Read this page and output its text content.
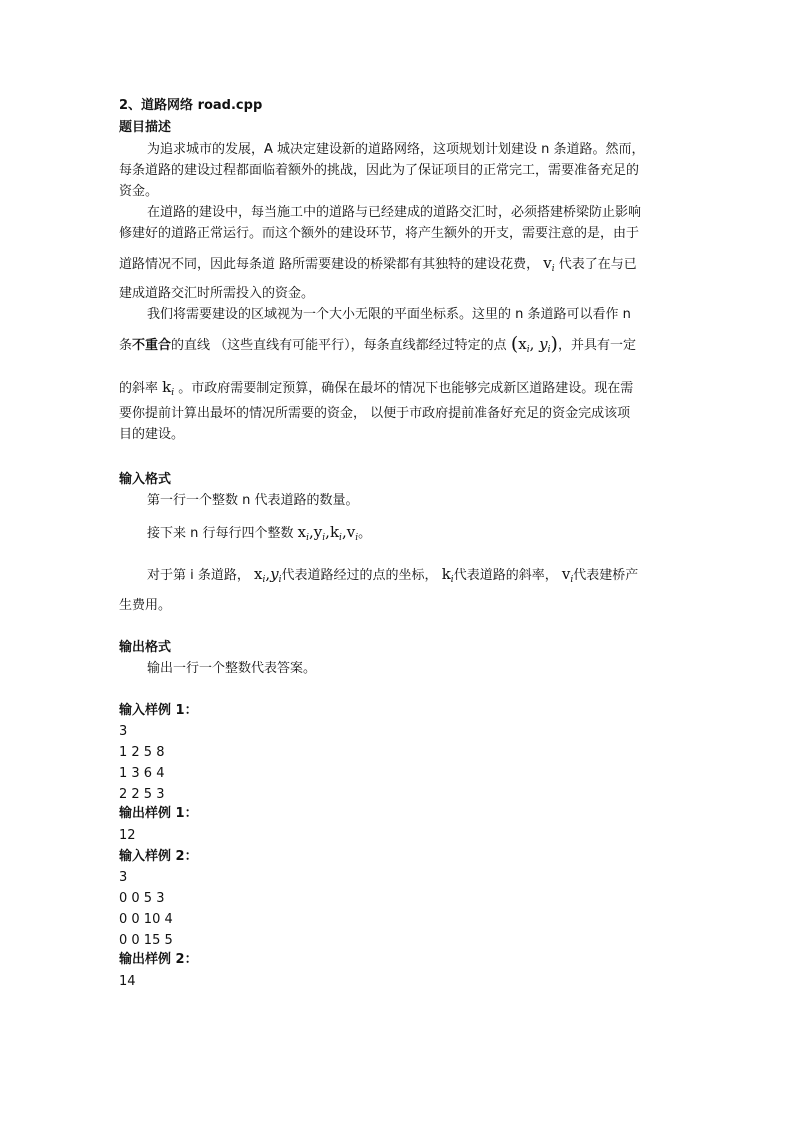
2、道路网络 road.cpp
题目描述
为追求城市的发展，A 城决定建设新的道路网络，这项规划计划建设 n 条道路。然而，
每条道路的建设过程都面临着额外的挑战，因此为了保证项目的正常完工，需要准备充足的
资金。
在道路的建设中，每当施工中的道路与已经建成的道路交汇时，必须搭建桥梁防止影响
修建好的道路正常运行。而这个额外的建设环节，将产生额外的开支，需要注意的是，由于
道路情况不同，因此每条道 路所需要建设的桥梁都有其独特的建设花费， $v_i$ 代表了在与已
建成道路交汇时所需投入的资金。
我们将需要建设的区域视为一个大小无限的平面坐标系。这里的 n 条道路可以看作 n
条不重合的直线 （这些直线有可能平行），每条直线都经过特定的点 ($x_i$, $y_i$)，并具有一定
的斜率 $k_i$ 。市政府需要制定预算，确保在最坏的情况下也能够完成新区道路建设。现在需
要你提前计算出最坏的情况所需要的资金， 以便于市政府提前准备好充足的资金完成该项
目的建设。
输入格式
第一行一个整数 n 代表道路的数量。
接下来 n 行每行四个整数 $x_i,y_i,k_i,v_i$。
对于第 i 条道路， $x_i,y_i$代表道路经过的点的坐标， $k_i$代表道路的斜率， $v_i$代表建桥产
生费用。
输出格式
输出一行一个整数代表答案。
输入样例 1：
3
1 2 5 8
1 3 6 4
2 2 5 3
输出样例 1：
12
输入样例 2：
3
0 0 5 3
0 0 10 4
0 0 15 5
输出样例 2：
14
